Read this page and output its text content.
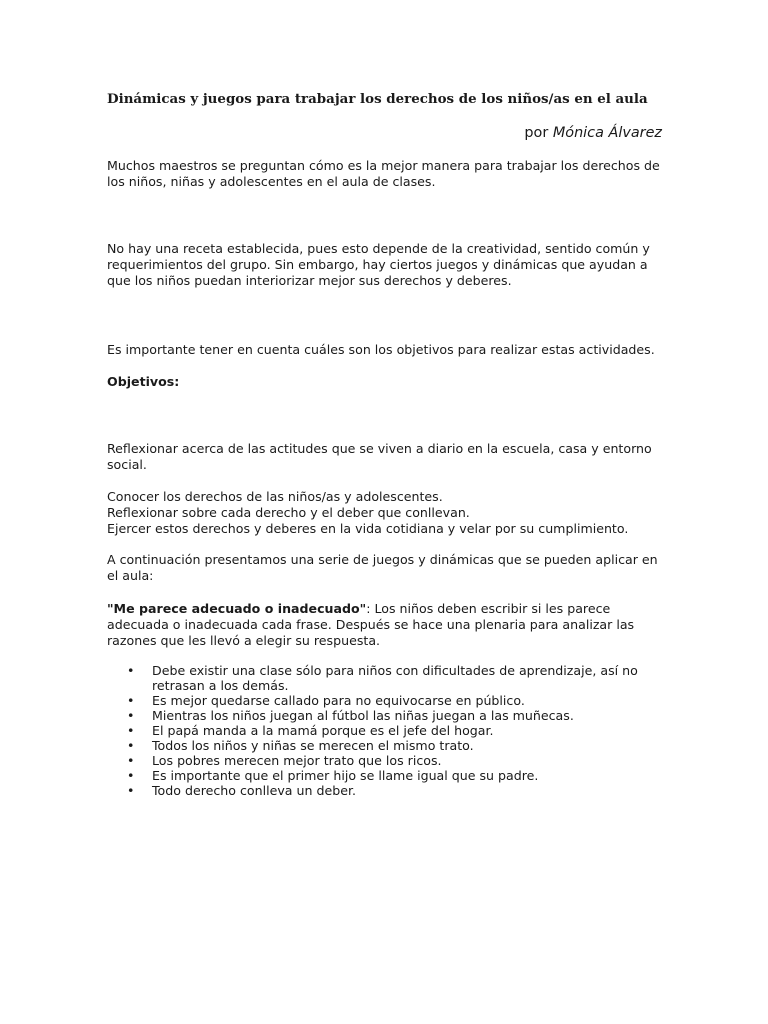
Dinámicas y juegos para trabajar los derechos de los niños/as en el aula

por Mónica Álvarez

Muchos maestros se preguntan cómo es la mejor manera para trabajar los derechos de
los niños, niñas y adolescentes en el aula de clases.

No hay una receta establecida, pues esto depende de la creatividad, sentido común y
requerimientos del grupo. Sin embargo, hay ciertos juegos y dinámicas que ayudan a
que los niños puedan interiorizar mejor sus derechos y deberes.

Es importante tener en cuenta cuáles son los objetivos para realizar estas actividades.

Objetivos:

Reflexionar acerca de las actitudes que se viven a diario en la escuela, casa y entorno
social.

Conocer los derechos de las niños/as y adolescentes.
Reflexionar sobre cada derecho y el deber que conllevan.
Ejercer estos derechos y deberes en la vida cotidiana y velar por su cumplimiento.

A continuación presentamos una serie de juegos y dinámicas que se pueden aplicar en
el aula:

"Me parece adecuado o inadecuado": Los niños deben escribir si les parece
adecuada o inadecuada cada frase. Después se hace una plenaria para analizar las
razones que les llevó a elegir su respuesta.

• Debe existir una clase sólo para niños con dificultades de aprendizaje, así no
retrasan a los demás.
• Es mejor quedarse callado para no equivocarse en público.
• Mientras los niños juegan al fútbol las niñas juegan a las muñecas.
• El papá manda a la mamá porque es el jefe del hogar.
• Todos los niños y niñas se merecen el mismo trato.
• Los pobres merecen mejor trato que los ricos.
• Es importante que el primer hijo se llame igual que su padre.
• Todo derecho conlleva un deber.
